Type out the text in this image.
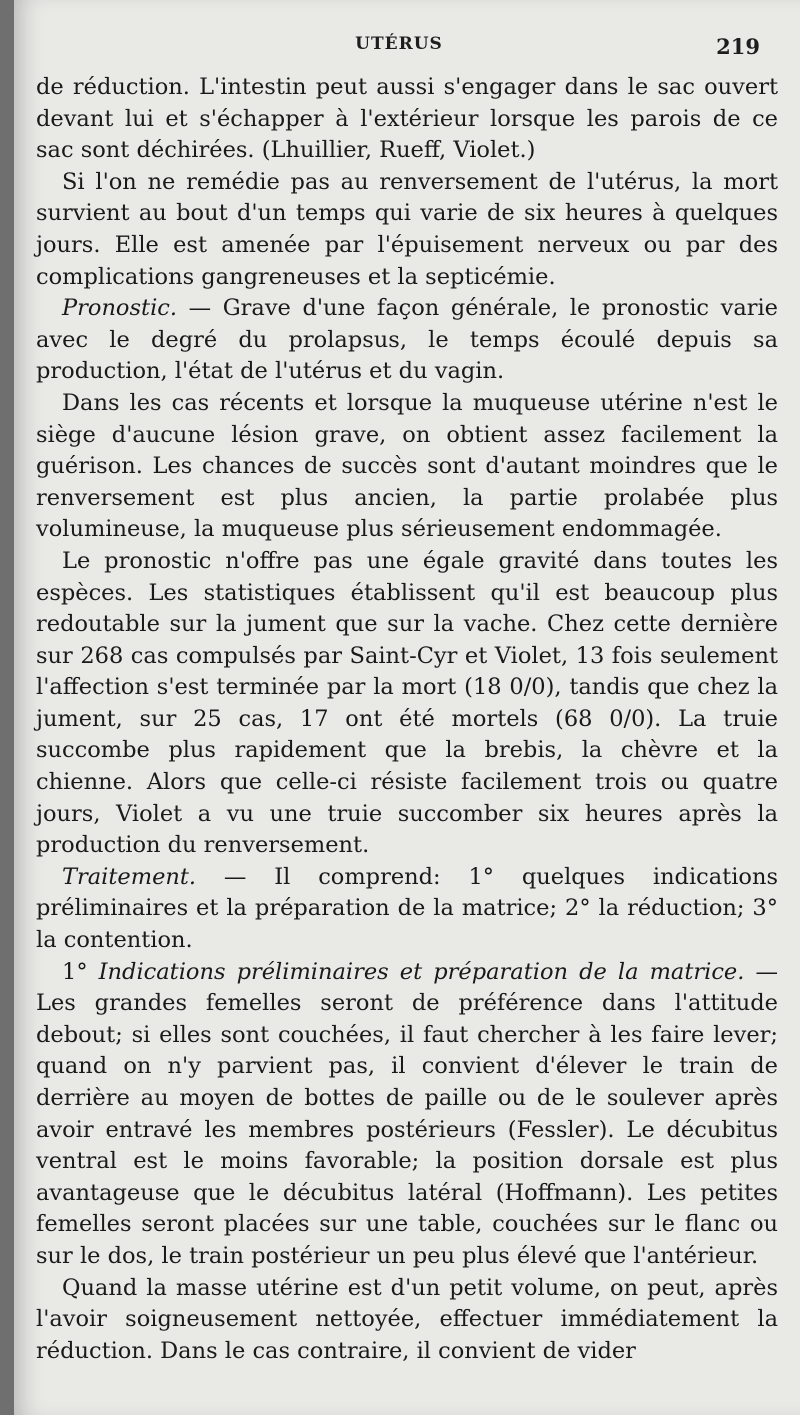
UTÉRUS	219

de réduction. L'intestin peut aussi s'engager dans le sac ouvert devant lui et s'échapper à l'extérieur lorsque les parois de ce sac sont déchirées. (Lhuillier, Rueff, Violet.)

Si l'on ne remédie pas au renversement de l'utérus, la mort survient au bout d'un temps qui varie de six heures à quelques jours. Elle est amenée par l'épuisement nerveux ou par des complications gangreneuses et la septicémie.

Pronostic. — Grave d'une façon générale, le pronostic varie avec le degré du prolapsus, le temps écoulé depuis sa production, l'état de l'utérus et du vagin.

Dans les cas récents et lorsque la muqueuse utérine n'est le siège d'aucune lésion grave, on obtient assez facilement la guérison. Les chances de succès sont d'autant moindres que le renversement est plus ancien, la partie prolabée plus volumineuse, la muqueuse plus sérieusement endommagée.

Le pronostic n'offre pas une égale gravité dans toutes les espèces. Les statistiques établissent qu'il est beaucoup plus redoutable sur la jument que sur la vache. Chez cette dernière sur 268 cas compulsés par Saint-Cyr et Violet, 13 fois seulement l'affection s'est terminée par la mort (18 0/0), tandis que chez la jument, sur 25 cas, 17 ont été mortels (68 0/0). La truie succombe plus rapidement que la brebis, la chèvre et la chienne. Alors que celle-ci résiste facilement trois ou quatre jours, Violet a vu une truie succomber six heures après la production du renversement.

Traitement. — Il comprend: 1° quelques indications préliminaires et la préparation de la matrice; 2° la réduction; 3° la contention.

1° Indications préliminaires et préparation de la matrice. — Les grandes femelles seront de préférence dans l'attitude debout; si elles sont couchées, il faut chercher à les faire lever; quand on n'y parvient pas, il convient d'élever le train de derrière au moyen de bottes de paille ou de le soulever après avoir entravé les membres postérieurs (Fessler). Le décubitus ventral est le moins favorable; la position dorsale est plus avantageuse que le décubitus latéral (Hoffmann). Les petites femelles seront placées sur une table, couchées sur le flanc ou sur le dos, le train postérieur un peu plus élevé que l'antérieur.

Quand la masse utérine est d'un petit volume, on peut, après l'avoir soigneusement nettoyée, effectuer immédiatement la réduction. Dans le cas contraire, il convient de vider
